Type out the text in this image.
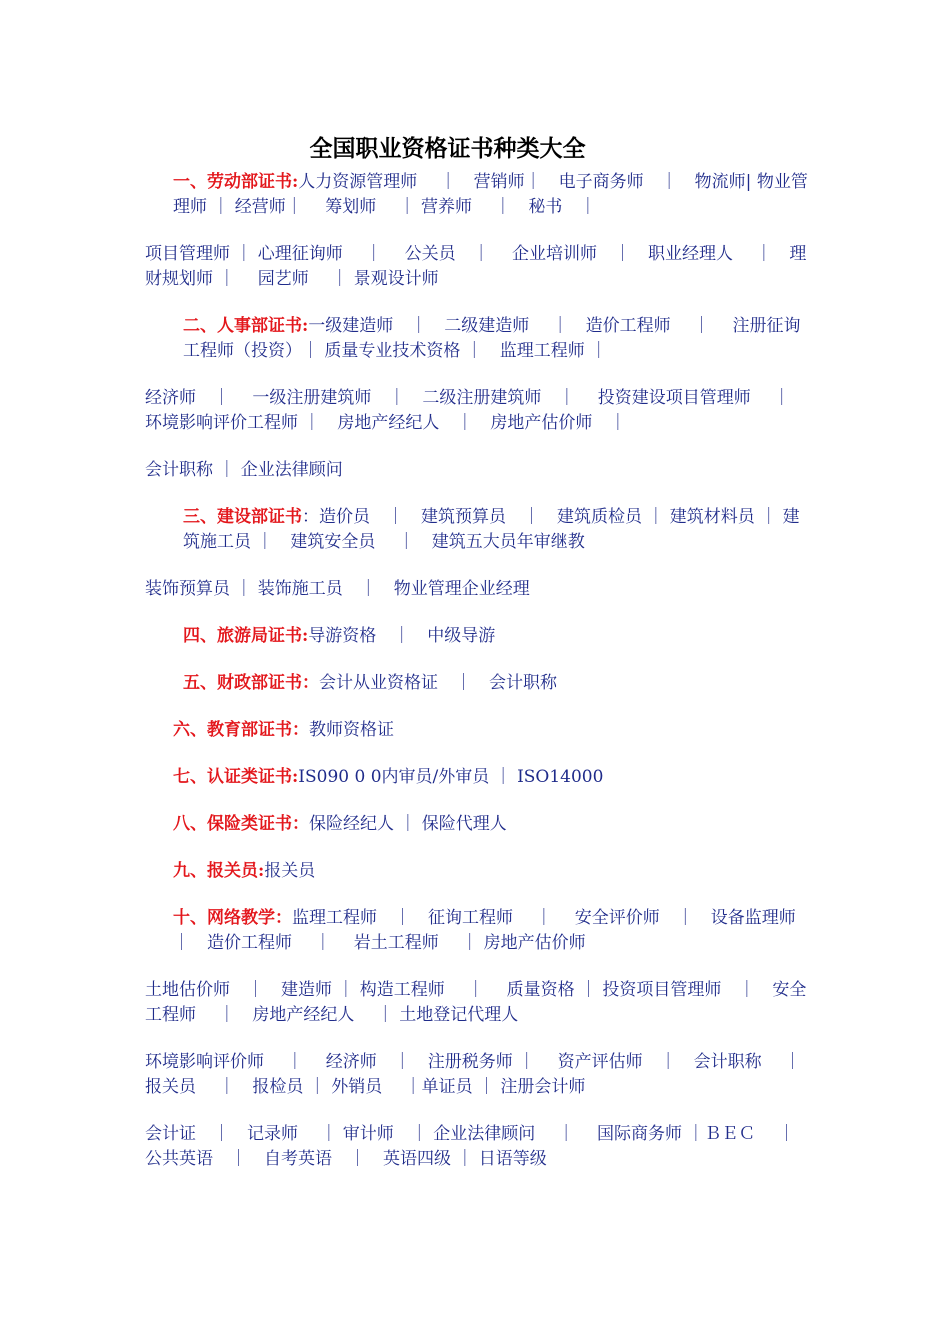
全国职业资格证书种类大全

一、劳动部证书:人力资源管理师　 ｜　营销师｜　电子商务师　｜　物流师| 物业管理师 ｜ 经营师｜　 筹划师　 ｜ 营养师 　｜　秘书　｜

项目管理师 ｜ 心理征询师　 ｜　 公关员　｜　 企业培训师　｜　职业经理人　 ｜　理财规划师 ｜ 　园艺师　 ｜ 景观设计师

二、人事部证书:一级建造师　｜　二级建造师　 ｜　造价工程师　 ｜　 注册征询工程师（投资）｜ 质量专业技术资格 ｜　监理工程师 ｜

经济师　｜　 一级注册建筑师　｜　二级注册建筑师　｜　 投资建设项目管理师 　｜ 环境影响评价工程师 ｜　房地产经纪人　｜　房地产估价师　｜

会计职称 ｜ 企业法律顾问

三、建设部证书：造价员　｜　建筑预算员　｜　建筑质检员 ｜ 建筑材料员 ｜ 建筑施工员 ｜　建筑安全员　 ｜　建筑五大员年审继教

装饰预算员 ｜ 装饰施工员　｜　物业管理企业经理

四、旅游局证书:导游资格　｜　中级导游

五、财政部证书：会计从业资格证　｜　会计职称

六、教育部证书：教师资格证

七、认证类证书:IS090 0 0内审员/外审员 ｜ ISO14000

八、保险类证书：保险经纪人 ｜ 保险代理人

九、报关员:报关员

十、网络教学：监理工程师　｜　征询工程师　 ｜　 安全评价师　｜　设备监理师　｜　造价工程师　 ｜　 岩土工程师　 ｜ 房地产估价师

土地估价师　｜　建造师 ｜ 构造工程师　 ｜　 质量资格 ｜ 投资项目管理师　｜　安全工程师　 ｜　房地产经纪人　 ｜ 土地登记代理人

环境影响评价师　 ｜　 经济师　｜　注册税务师 ｜　 资产评估师　｜　会计职称　 ｜　报关员　 ｜　报检员 ｜ 外销员　 ｜单证员 ｜ 注册会计师

会计证　｜　记录师　 ｜ 审计师　｜ 企业法律顾问　 ｜　 国际商务师 ｜ＢＥＣ　 ｜　公共英语　｜　自考英语　｜　英语四级 ｜ 日语等级
